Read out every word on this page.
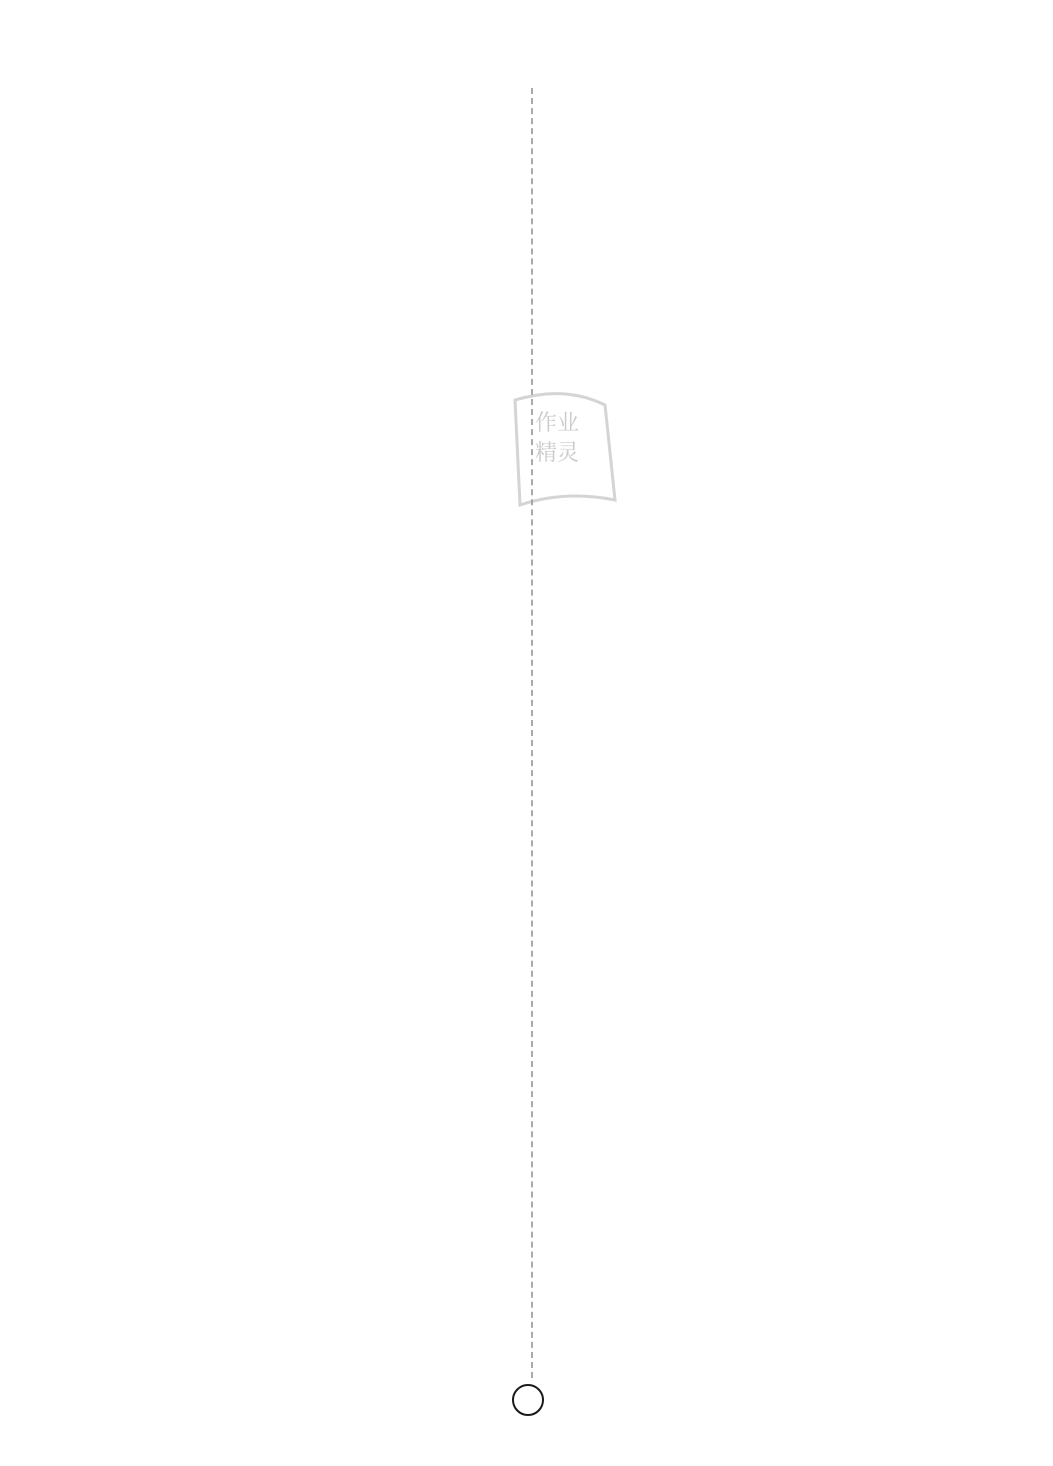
作业
精灵
